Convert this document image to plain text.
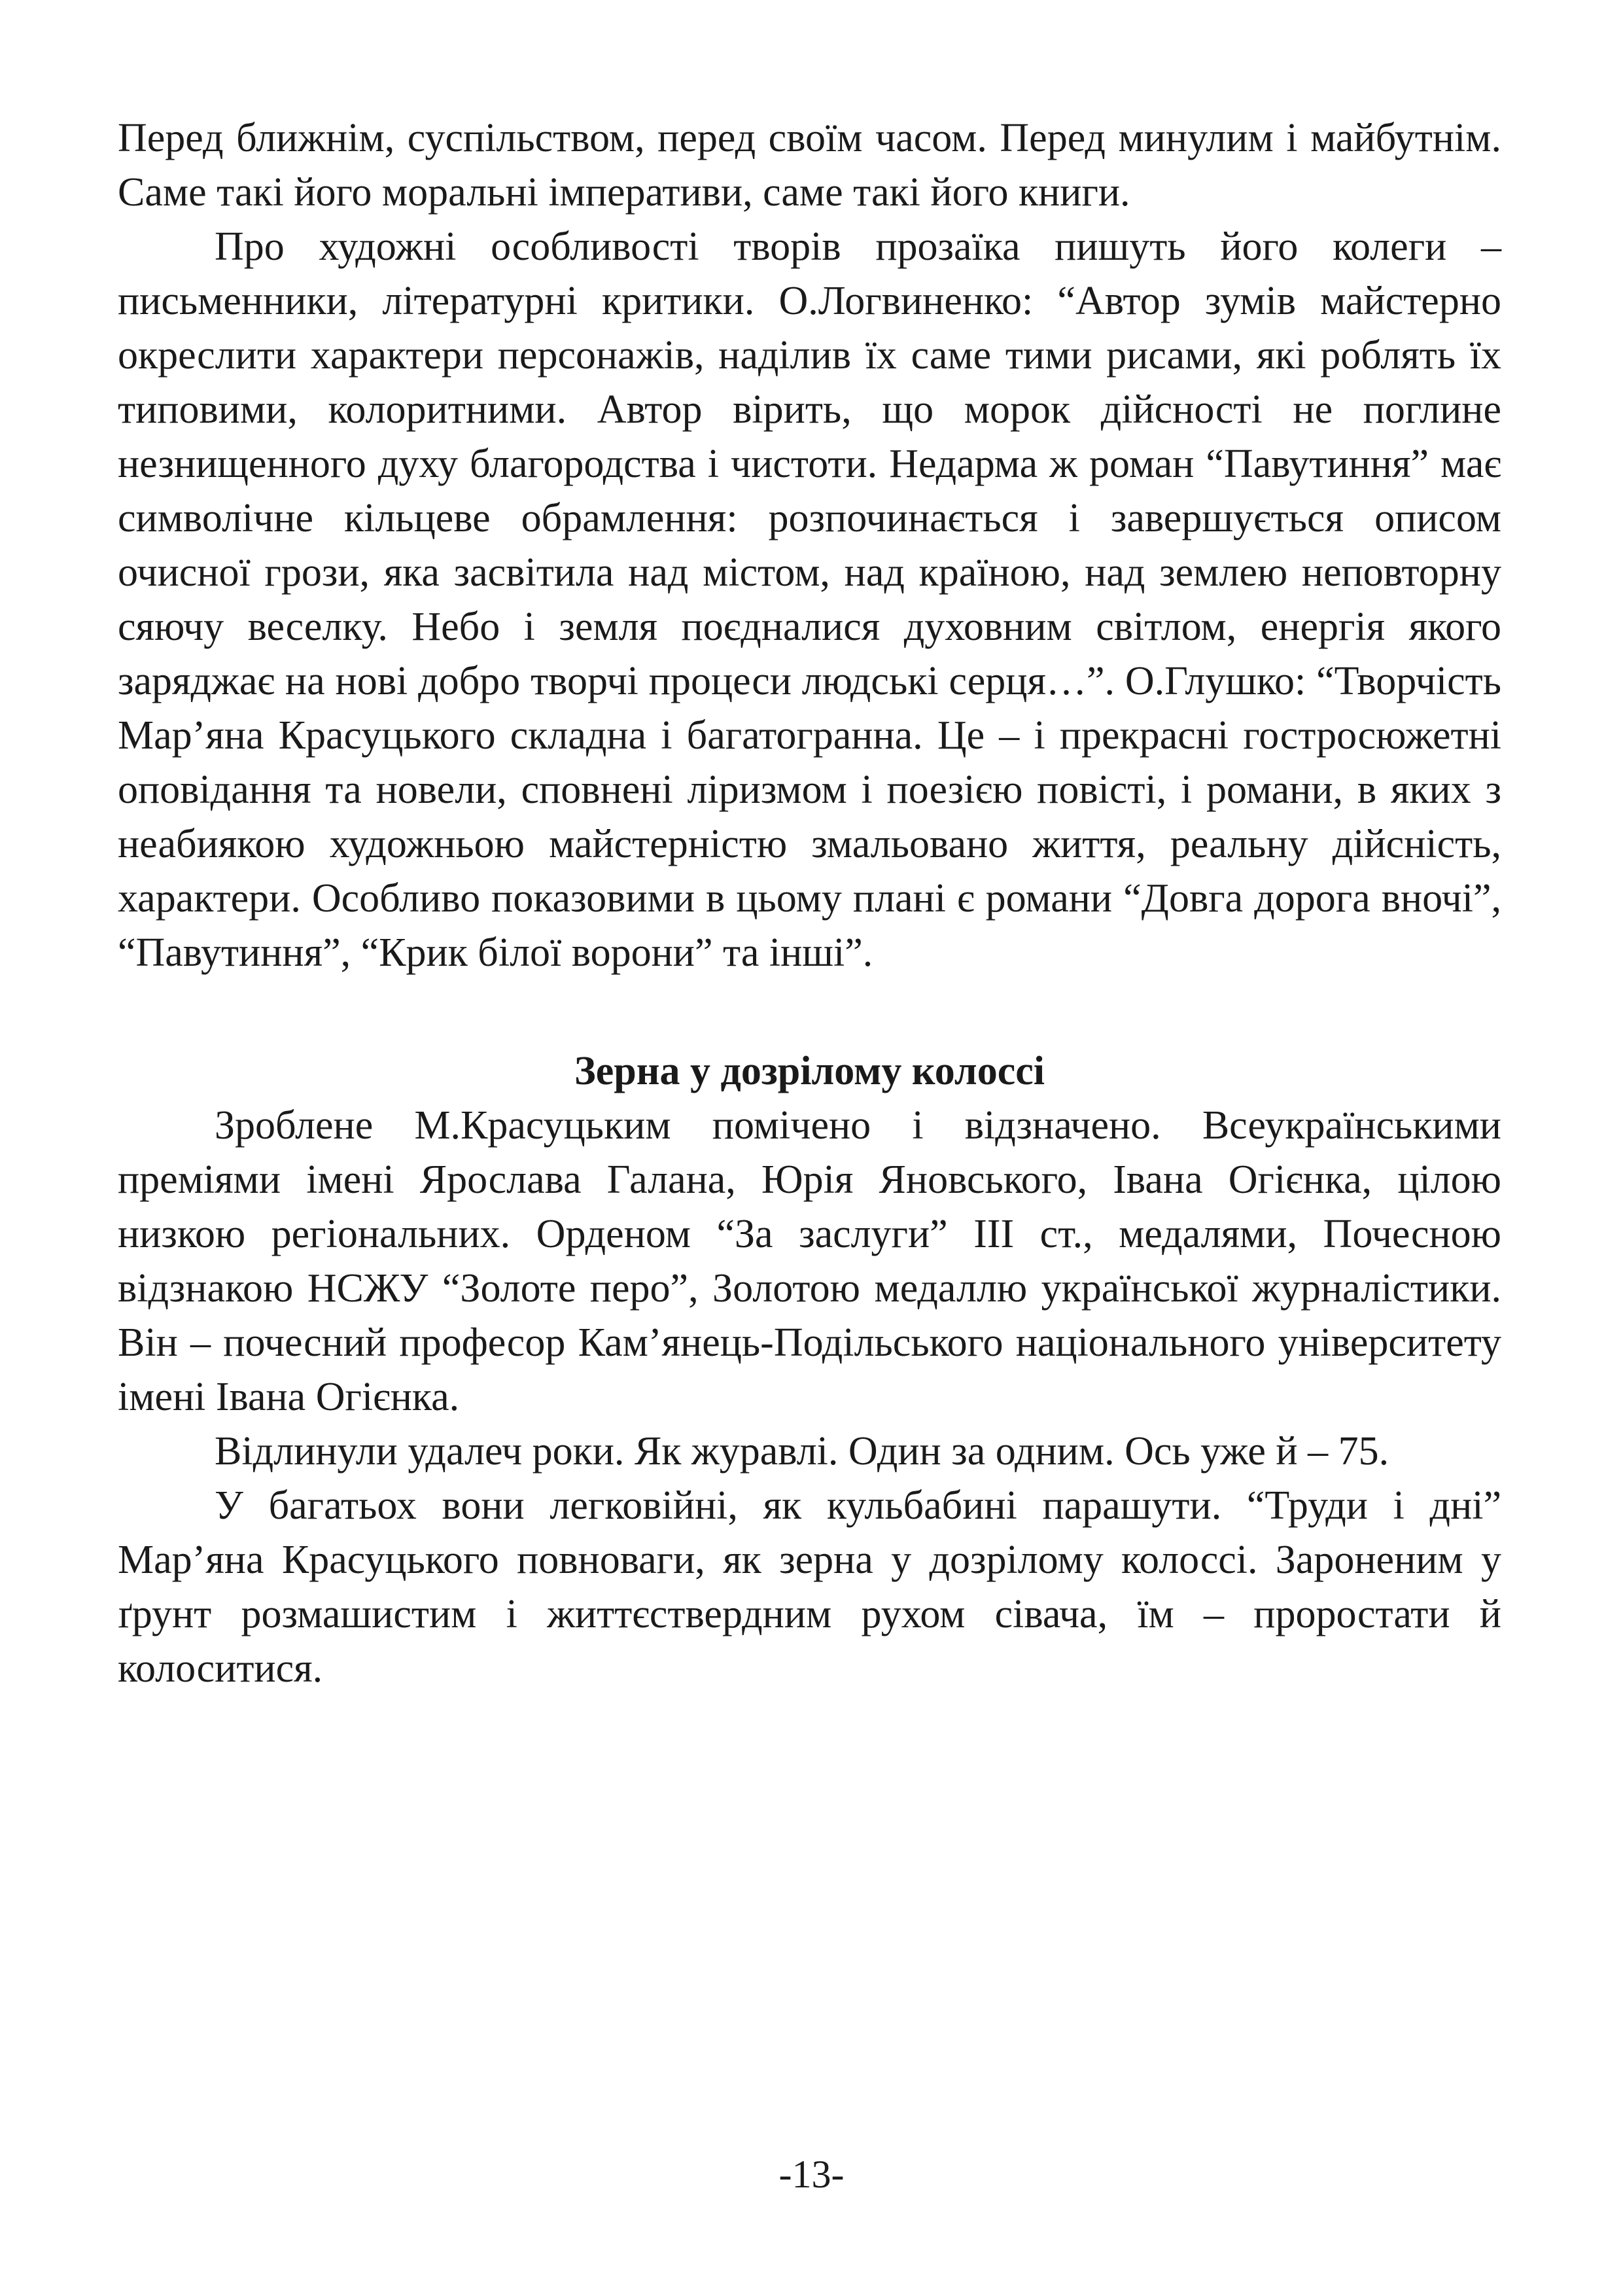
Перед ближнім, суспільством, перед своїм часом. Перед минулим і майбутнім. Саме такі його моральні імперативи, саме такі його книги.

Про художні особливості творів прозаїка пишуть його колеги – письменники, літературні критики. О.Логвиненко: “Автор зумів майстерно окреслити характери персонажів, наділив їх саме тими рисами, які роблять їх типовими, колоритними. Автор вірить, що морок дійсності не поглине незнищенного духу благородства і чистоти. Недарма ж роман “Павутиння” має символічне кільцеве обрамлення: розпочинається і завершується описом очисної грози, яка засвітила над містом, над країною, над землею неповторну сяючу веселку. Небо і земля поєдналися духовним світлом, енергія якого заряджає на нові добро творчі процеси людські серця…”. О.Глушко: “Творчість Мар’яна Красуцького складна і багатогранна. Це – і прекрасні гостросюжетні оповідання та новели, сповнені ліризмом і поезією повісті, і романи, в яких з неабиякою художньою майстерністю змальовано життя, реальну дійсність, характери. Особливо показовими в цьому плані є романи “Довга дорога вночі”, “Павутиння”, “Крик білої ворони” та інші”.

Зерна у дозрілому колоссі

Зроблене М.Красуцьким помічено і відзначено. Всеукраїнськими преміями імені Ярослава Галана, Юрія Яновського, Івана Огієнка, цілою низкою регіональних. Орденом “За заслуги” ІІІ ст., медалями, Почесною відзнакою НСЖУ “Золоте перо”, Золотою медаллю української журналістики. Він – почесний професор Кам’янець-Подільського національного університету імені Івана Огієнка.

Відлинули удалеч роки. Як журавлі. Один за одним. Ось уже й – 75.

У багатьох вони легковійні, як кульбабині парашути. “Труди і дні” Мар’яна Красуцького повноваги, як зерна у дозрілому колоссі. Зароненим у ґрунт розмашистим і життєствердним рухом сівача, їм – проростати й колоситися.

-13-
